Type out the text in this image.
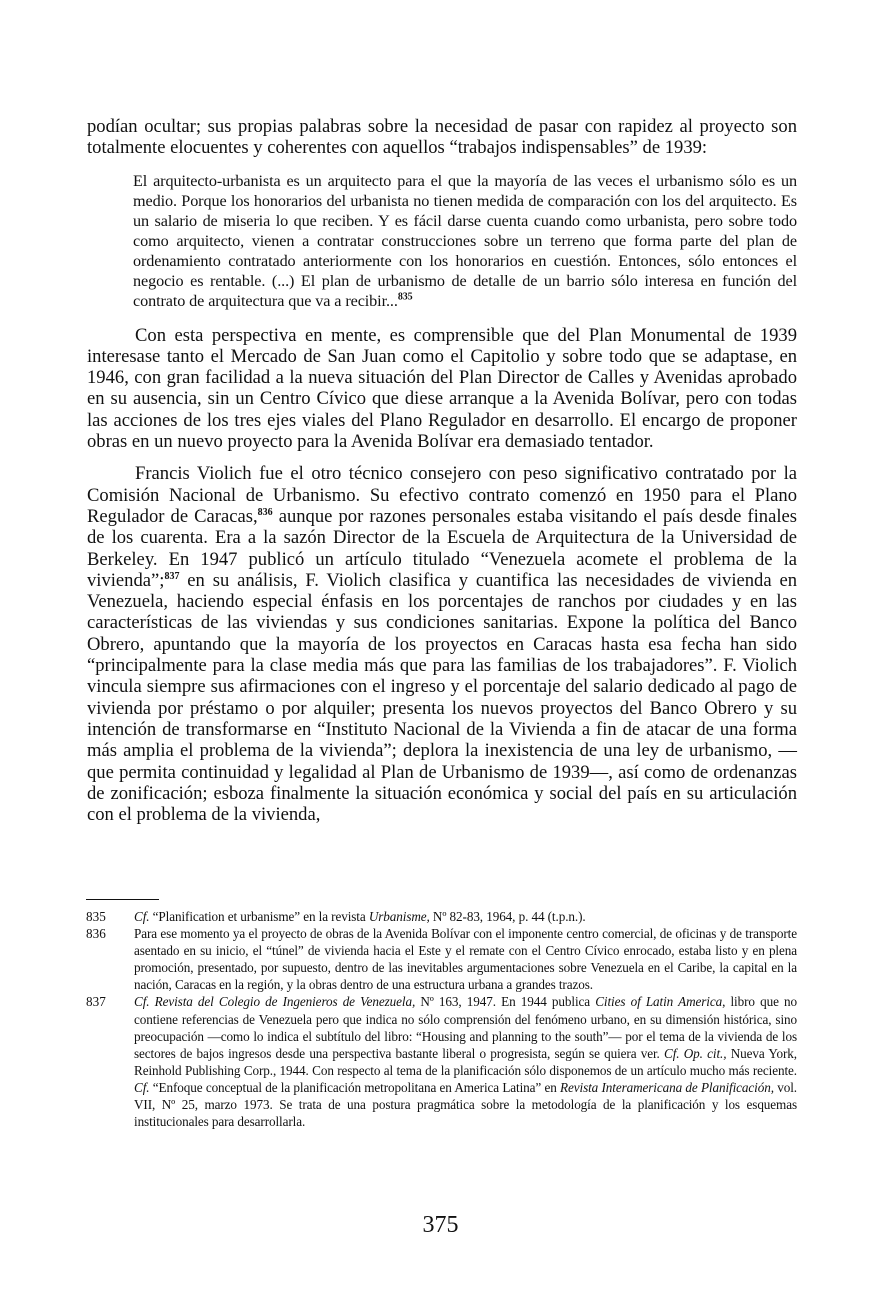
podían ocultar; sus propias palabras sobre la necesidad de pasar con rapidez al proyecto son totalmente elocuentes y coherentes con aquellos “trabajos indispensables” de 1939:

El arquitecto-urbanista es un arquitecto para el que la mayoría de las veces el urbanismo sólo es un medio. Porque los honorarios del urbanista no tienen medida de comparación con los del arquitecto. Es un salario de miseria lo que reciben. Y es fácil darse cuenta cuando como urbanista, pero sobre todo como arquitecto, vienen a contratar construcciones sobre un terreno que forma parte del plan de ordenamiento contratado anteriormente con los honorarios en cuestión. Entonces, sólo entonces el negocio es rentable. (...) El plan de urbanismo de detalle de un barrio sólo interesa en función del contrato de arquitectura que va a recibir...$^{835}$

Con esta perspectiva en mente, es comprensible que del Plan Monumental de 1939 interesase tanto el Mercado de San Juan como el Capitolio y sobre todo que se adaptase, en 1946, con gran facilidad a la nueva situación del Plan Director de Calles y Avenidas aprobado en su ausencia, sin un Centro Cívico que diese arranque a la Avenida Bolívar, pero con todas las acciones de los tres ejes viales del Plano Regulador en desarrollo. El encargo de proponer obras en un nuevo proyecto para la Avenida Bolívar era demasiado tentador.

Francis Violich fue el otro técnico consejero con peso significativo contratado por la Comisión Nacional de Urbanismo. Su efectivo contrato comenzó en 1950 para el Plano Regulador de Caracas,$^{836}$ aunque por razones personales estaba visitando el país desde finales de los cuarenta. Era a la sazón Director de la Escuela de Arquitectura de la Universidad de Berkeley. En 1947 publicó un artículo titulado “Venezuela acomete el problema de la vivienda”;$^{837}$ en su análisis, F. Violich clasifica y cuantifica las necesidades de vivienda en Venezuela, haciendo especial énfasis en los porcentajes de ranchos por ciudades y en las características de las viviendas y sus condiciones sanitarias. Expone la política del Banco Obrero, apuntando que la mayoría de los proyectos en Caracas hasta esa fecha han sido “principalmente para la clase media más que para las familias de los trabajadores”. F. Violich vincula siempre sus afirmaciones con el ingreso y el porcentaje del salario dedicado al pago de vivienda por préstamo o por alquiler; presenta los nuevos proyectos del Banco Obrero y su intención de transformarse en “Instituto Nacional de la Vivienda a fin de atacar de una forma más amplia el problema de la vivienda”; deplora la inexistencia de una ley de urbanismo, —que permita continuidad y legalidad al Plan de Urbanismo de 1939—, así como de ordenanzas de zonificación; esboza finalmente la situación económica y social del país en su articulación con el problema de la vivienda,

835	Cf. “Planification et urbanisme” en la revista Urbanisme, Nº 82-83, 1964, p. 44 (t.p.n.).
836	Para ese momento ya el proyecto de obras de la Avenida Bolívar con el imponente centro comercial, de oficinas y de transporte asentado en su inicio, el “túnel” de vivienda hacia el Este y el remate con el Centro Cívico enrocado, estaba listo y en plena promoción, presentado, por supuesto, dentro de las inevitables argumentaciones sobre Venezuela en el Caribe, la capital en la nación, Caracas en la región, y la obras dentro de una estructura urbana a grandes trazos.
837	Cf. Revista del Colegio de Ingenieros de Venezuela, Nº 163, 1947. En 1944 publica Cities of Latin America, libro que no contiene referencias de Venezuela pero que indica no sólo comprensión del fenómeno urbano, en su dimensión histórica, sino preocupación —como lo indica el subtítulo del libro: “Housing and planning to the south”— por el tema de la vivienda de los sectores de bajos ingresos desde una perspectiva bastante liberal o progresista, según se quiera ver. Cf. Op. cit., Nueva York, Reinhold Publishing Corp., 1944. Con respecto al tema de la planificación sólo disponemos de un artículo mucho más reciente. Cf. “Enfoque conceptual de la planificación metropolitana en America Latina” en Revista Interamericana de Planificación, vol. VII, Nº 25, marzo 1973. Se trata de una postura pragmática sobre la metodología de la planificación y los esquemas institucionales para desarrollarla.
375
